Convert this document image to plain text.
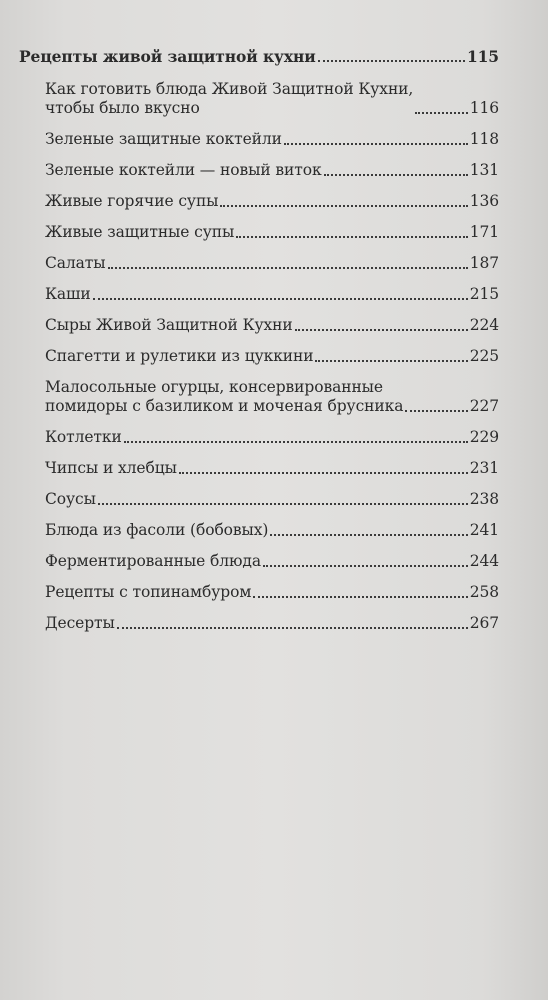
Рецепты живой защитной кухни	115
Как готовить блюда Живой Защитной Кухни,
чтобы было вкусно	116
Зеленые защитные коктейли	118
Зеленые коктейли — новый виток	131
Живые горячие супы	136
Живые защитные супы	171
Салаты	187
Каши	215
Сыры Живой Защитной Кухни	224
Спагетти и рулетики из цуккини	225
Малосольные огурцы, консервированные
помидоры с базиликом и моченая брусника	227
Котлетки	229
Чипсы и хлебцы	231
Соусы	238
Блюда из фасоли (бобовых)	241
Ферментированные блюда	244
Рецепты с топинамбуром	258
Десерты	267
